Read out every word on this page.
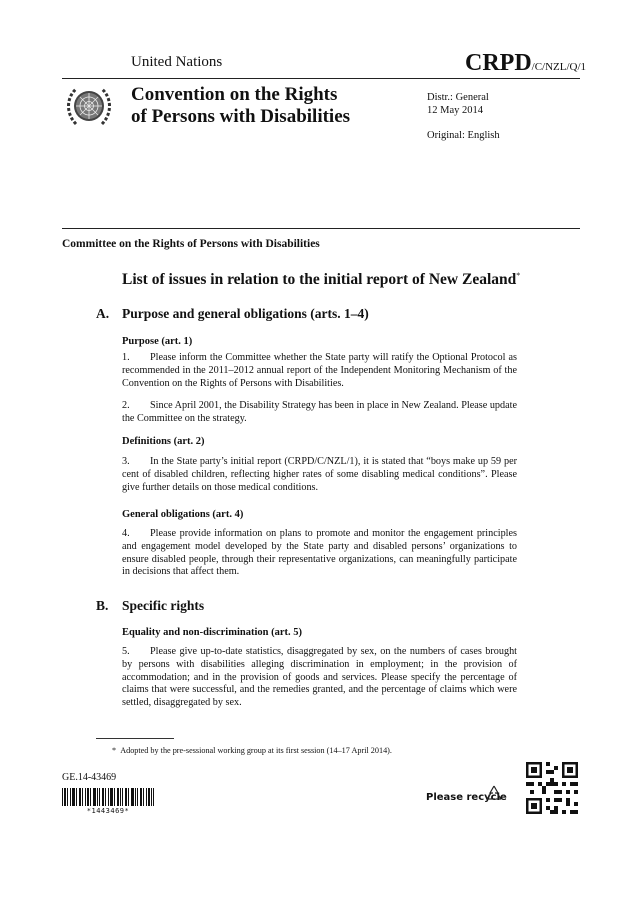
United Nations	CRPD/C/NZL/Q/1
Convention on the Rights
of Persons with Disabilities
Distr.: General
12 May 2014
Original: English
Committee on the Rights of Persons with Disabilities
List of issues in relation to the initial report of New Zealand*
A. Purpose and general obligations (arts. 1–4)
Purpose (art. 1)
1. Please inform the Committee whether the State party will ratify the Optional Protocol as recommended in the 2011–2012 annual report of the Independent Monitoring Mechanism of the Convention on the Rights of Persons with Disabilities.
2. Since April 2001, the Disability Strategy has been in place in New Zealand. Please update the Committee on the strategy.
Definitions (art. 2)
3. In the State party’s initial report (CRPD/C/NZL/1), it is stated that “boys make up 59 per cent of disabled children, reflecting higher rates of some disabling medical conditions”. Please give further details on those medical conditions.
General obligations (art. 4)
4. Please provide information on plans to promote and monitor the engagement principles and engagement model developed by the State party and disabled persons’ organizations to ensure disabled people, through their representative organizations, can meaningfully participate in decisions that affect them.
B. Specific rights
Equality and non-discrimination (art. 5)
5. Please give up-to-date statistics, disaggregated by sex, on the numbers of cases brought by persons with disabilities alleging discrimination in employment; in the provision of accommodation; and in the provision of goods and services. Please specify the percentage of claims that were successful, and the remedies granted, and the percentage of claims which were settled, disaggregated by sex.
* Adopted by the pre-sessional working group at its first session (14–17 April 2014).
GE.14-43469
*1443469*
Please recycle
